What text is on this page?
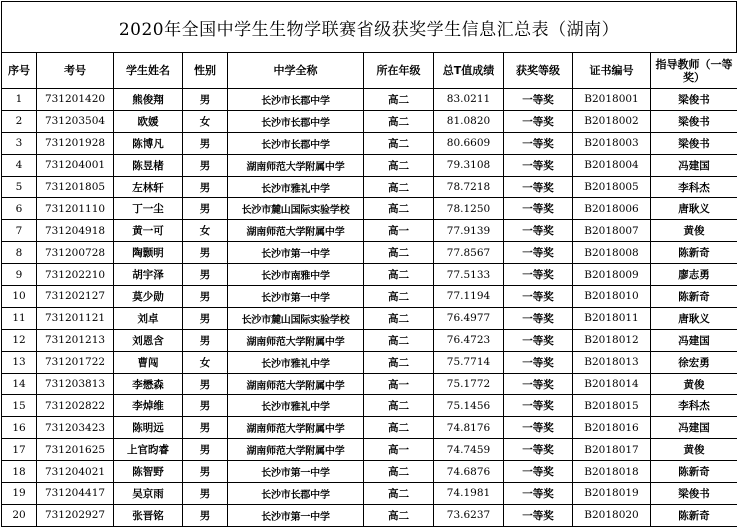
2020年全国中学生生物学联赛省级获奖学生信息汇总表（湖南）
序号	考号	学生姓名	性别	中学全称	所在年级	总T值成绩	获奖等级	证书编号	指导教师（一等奖）
1	731201420	熊俊翔	男	长沙市长郡中学	高二	83.0211	一等奖	B2018001	梁俊书
2	731203504	欧媛	女	长沙市长郡中学	高二	81.0820	一等奖	B2018002	梁俊书
3	731201928	陈博凡	男	长沙市长郡中学	高二	80.6609	一等奖	B2018003	梁俊书
4	731204001	陈昱楮	男	湖南师范大学附属中学	高二	79.3108	一等奖	B2018004	冯建国
5	731201805	左林轩	男	长沙市雅礼中学	高二	78.7218	一等奖	B2018005	李科杰
6	731201110	丁一尘	男	长沙市麓山国际实验学校	高二	78.1250	一等奖	B2018006	唐耿义
7	731204918	黄一可	女	湖南师范大学附属中学	高一	77.9139	一等奖	B2018007	黄俊
8	731200728	陶颢明	男	长沙市第一中学	高二	77.8567	一等奖	B2018008	陈新奇
9	731202210	胡宇泽	男	长沙市南雅中学	高二	77.5133	一等奖	B2018009	廖志勇
10	731202127	莫少勋	男	长沙市第一中学	高二	77.1194	一等奖	B2018010	陈新奇
11	731201121	刘卓	男	长沙市麓山国际实验学校	高二	76.4977	一等奖	B2018011	唐耿义
12	731201213	刘恩含	男	湖南师范大学附属中学	高二	76.4723	一等奖	B2018012	冯建国
13	731201722	曹闯	女	长沙市雅礼中学	高二	75.7714	一等奖	B2018013	徐宏勇
14	731203813	李懋森	男	湖南师范大学附属中学	高一	75.1772	一等奖	B2018014	黄俊
15	731202822	李焯维	男	长沙市雅礼中学	高二	75.1456	一等奖	B2018015	李科杰
16	731203423	陈明远	男	湖南师范大学附属中学	高二	74.8176	一等奖	B2018016	冯建国
17	731201625	上官昀睿	男	湖南师范大学附属中学	高一	74.7459	一等奖	B2018017	黄俊
18	731204021	陈智野	男	长沙市第一中学	高二	74.6876	一等奖	B2018018	陈新奇
19	731204417	吴京雨	男	长沙市长郡中学	高二	74.1981	一等奖	B2018019	梁俊书
20	731202927	张晋铭	男	长沙市第一中学	高二	73.6237	一等奖	B2018020	陈新奇
